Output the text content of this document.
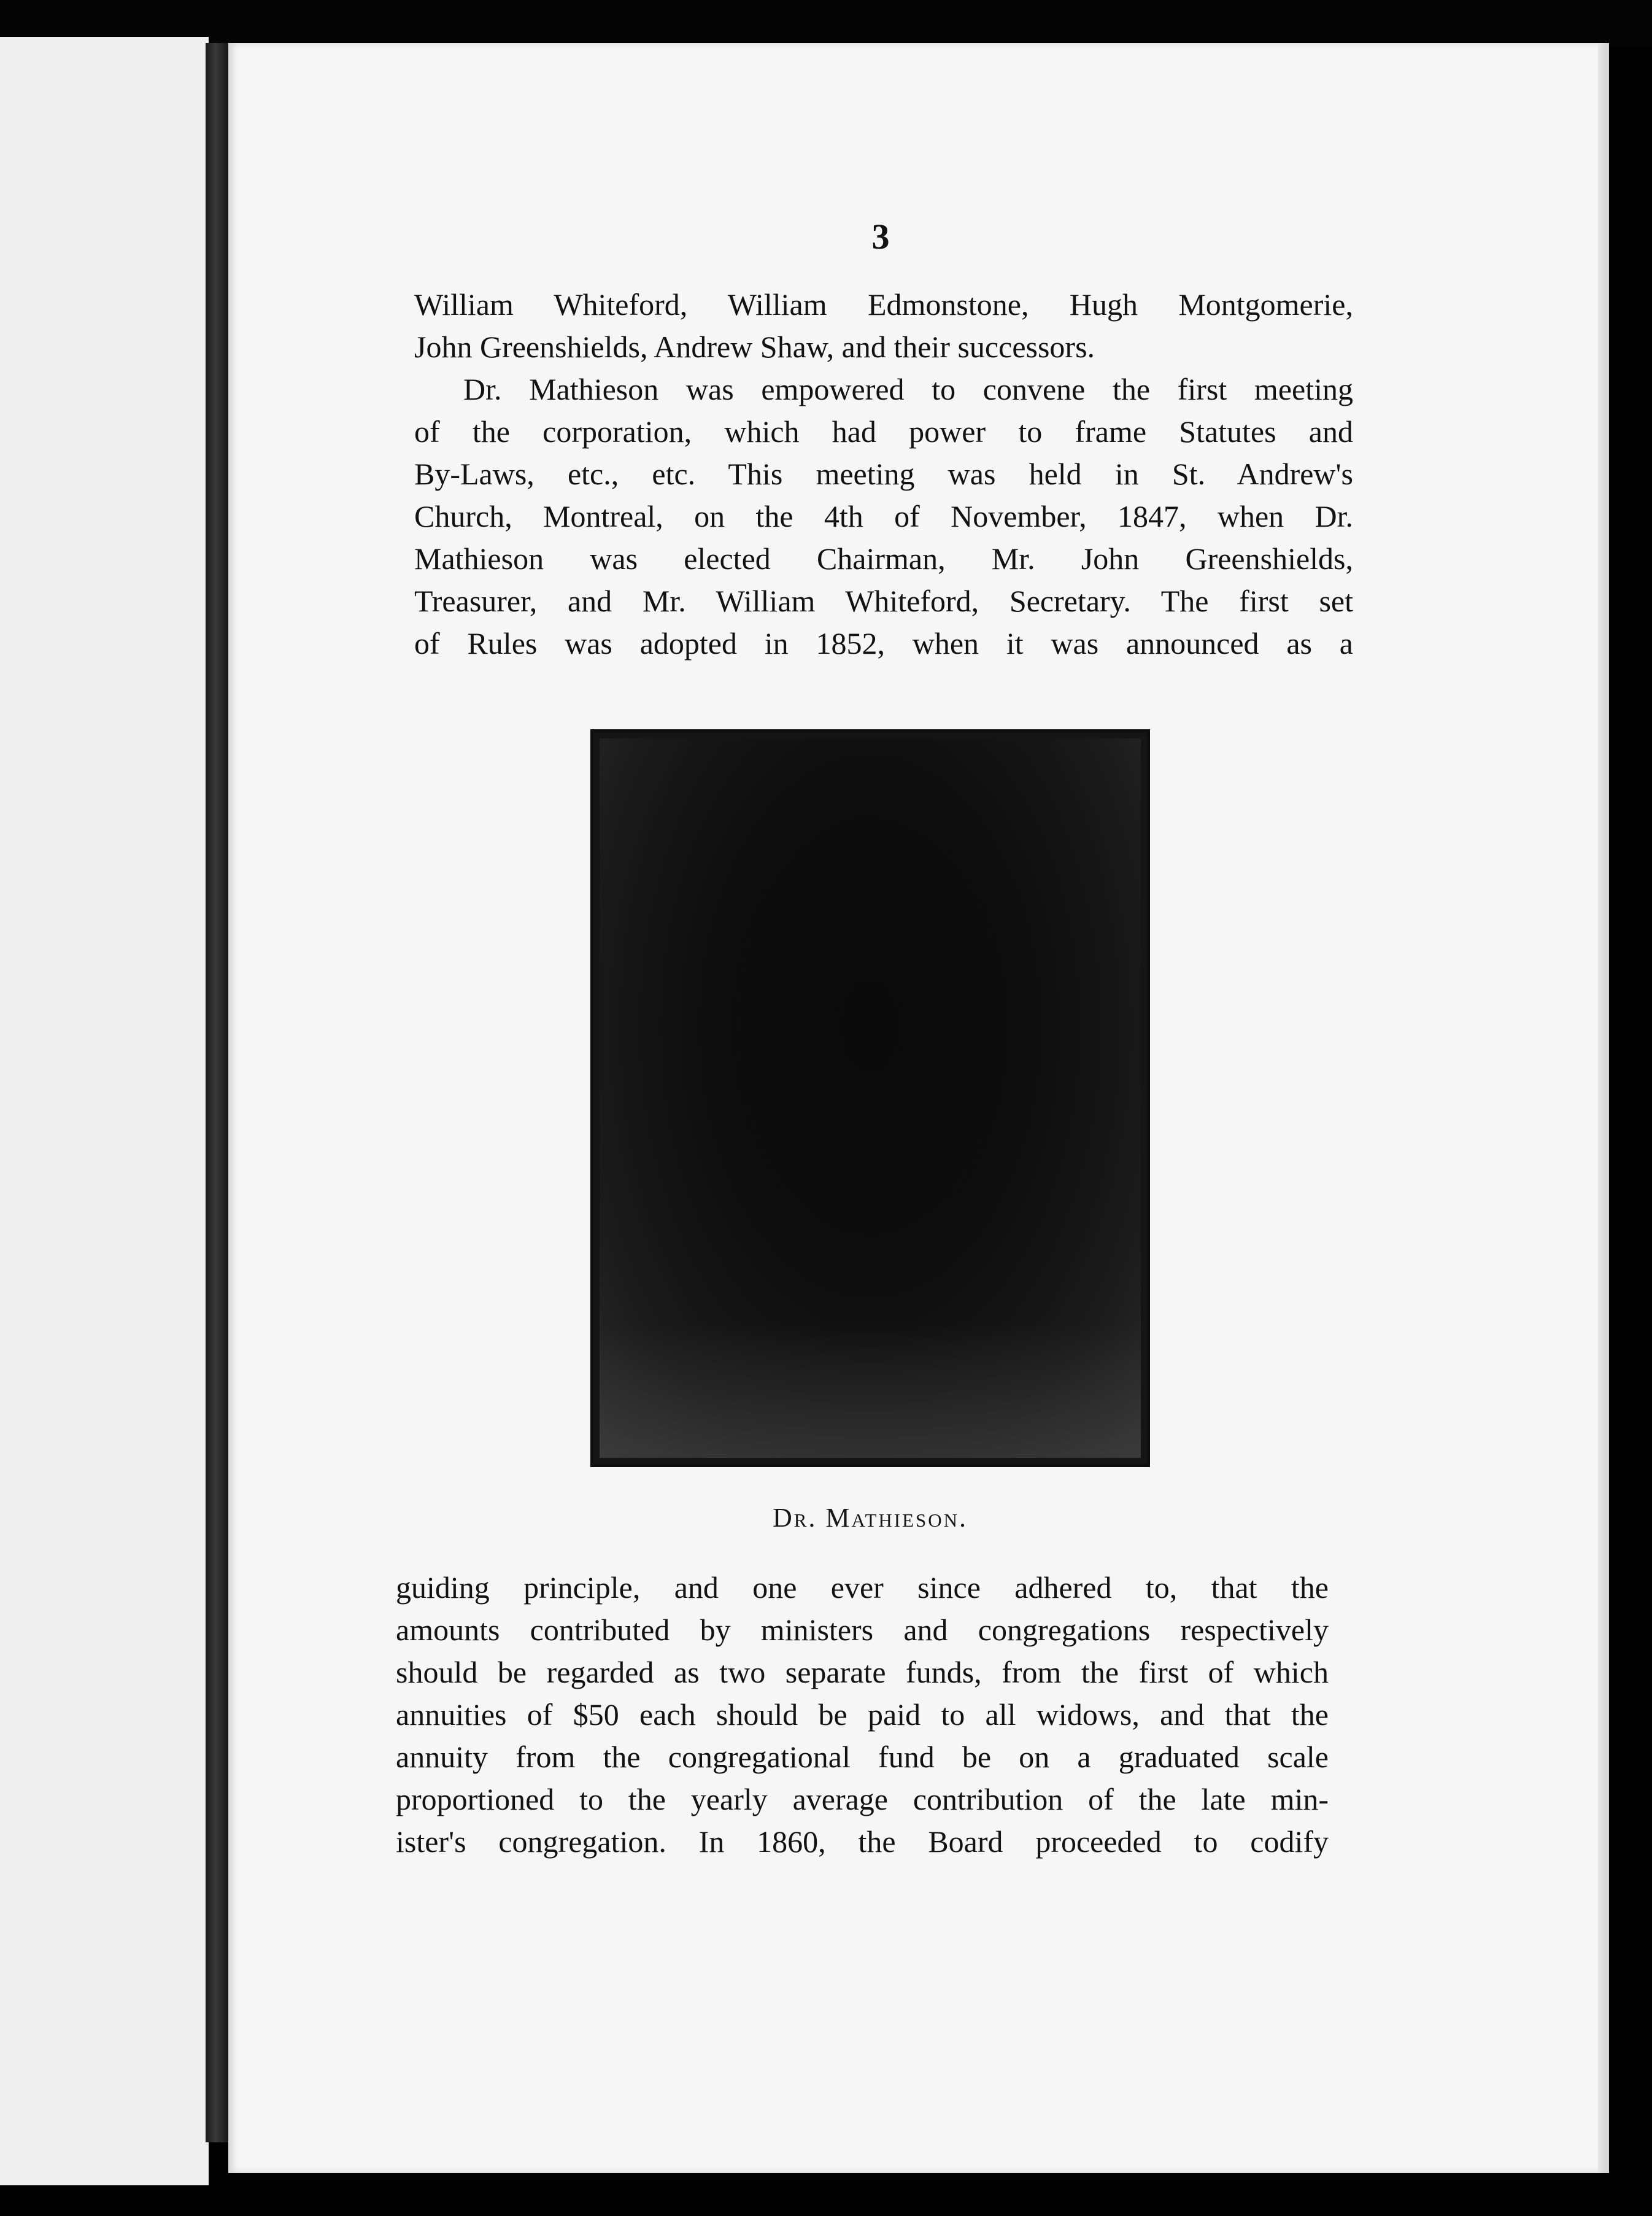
3
William Whiteford, William Edmonstone, Hugh Montgomerie,
John Greenshields, Andrew Shaw, and their successors.
Dr. Mathieson was empowered to convene the first meeting
of the corporation, which had power to frame Statutes and
By-Laws, etc., etc. This meeting was held in St. Andrew's
Church, Montreal, on the 4th of November, 1847, when Dr.
Mathieson was elected Chairman, Mr. John Greenshields,
Treasurer, and Mr. William Whiteford, Secretary. The first set
of Rules was adopted in 1852, when it was announced as a
Dr. Mathieson.
guiding principle, and one ever since adhered to, that the
amounts contributed by ministers and congregations respectively
should be regarded as two separate funds, from the first of which
annuities of $50 each should be paid to all widows, and that the
annuity from the congregational fund be on a graduated scale
proportioned to the yearly average contribution of the late min-
ister's congregation. In 1860, the Board proceeded to codify
